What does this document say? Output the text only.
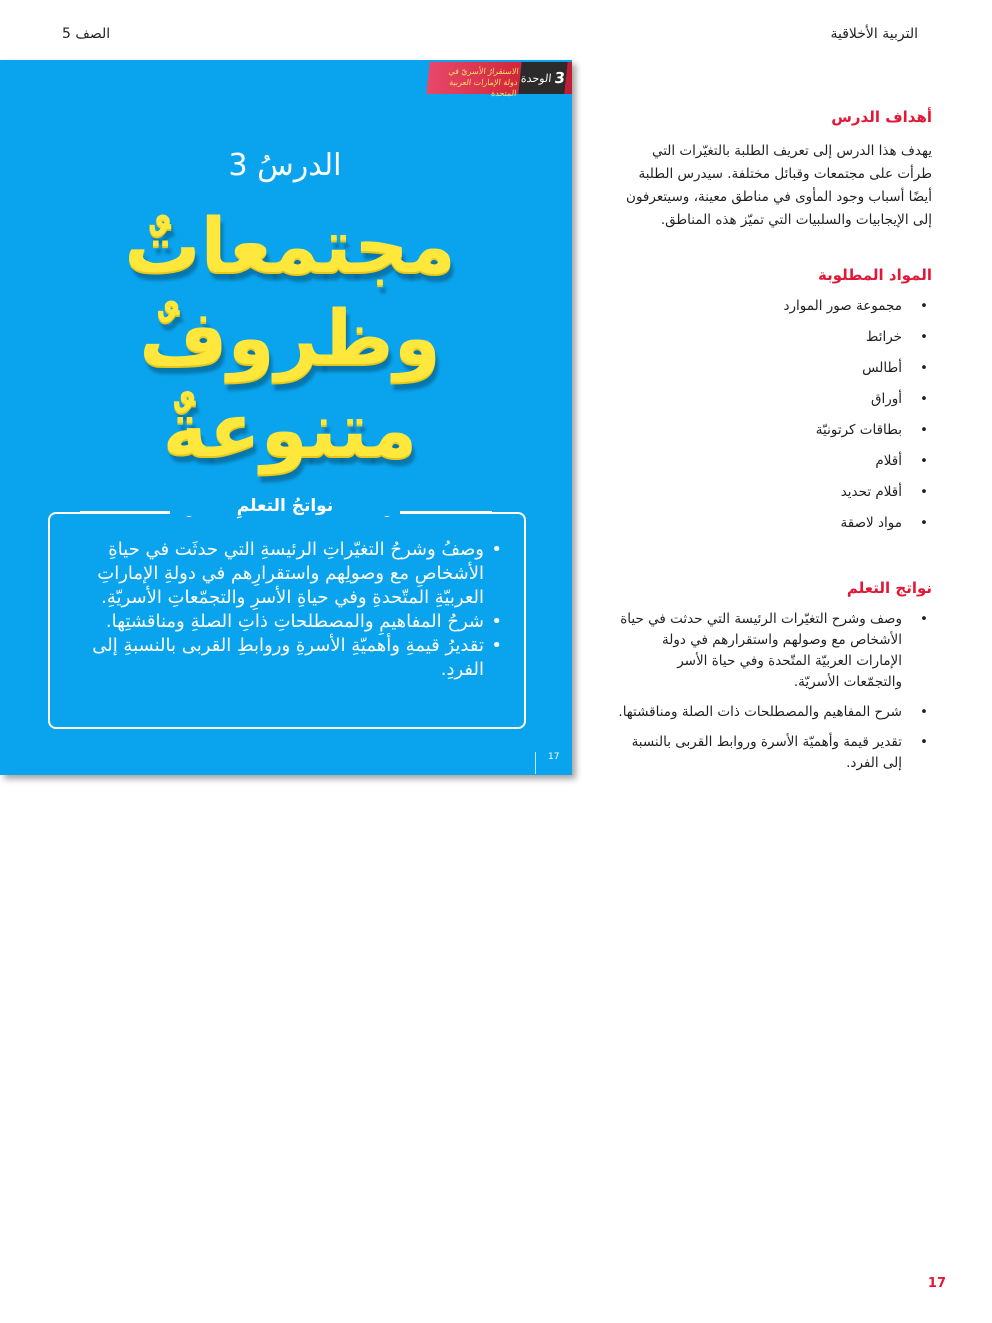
الصف 5	التربية الأخلاقية
الاستقرارُ الأسريّ في دولة الإمارات العربية المتحدة
الوحدة 3
الدرسُ 3
مجتمعاتٌ
وظروفٌ
متنوعةٌ
• وصفُ وشرحُ التغيّراتِ الرئيسةِ التي حدثَت في حياةِ الأشخاصِ مع وصولِهم واستقرارِهم في دولةِ الإماراتِ العربيّةِ المتّحدةِ وفي حياةِ الأسرِ والتجمّعاتِ الأسريّةِ.
• شرحُ المفاهيمِ والمصطلحاتِ ذاتِ الصلةِ ومناقشتِها.
• تقديرُ قيمةِ وأهميّةِ الأسرةِ وروابطِ القربى بالنسبةِ إلى الفردِ.
نواتجُ التعلمِ
17
أهداف الدرس

يهدف هذا الدرس إلى تعريف الطلبة بالتغيّرات التي طرأت على مجتمعات وقبائل مختلفة. سيدرس الطلبة أيضًا أسباب وجود المأوى في مناطق معينة، وسيتعرفون إلى الإيجابيات والسلبيات التي تميّز هذه المناطق.

المواد المطلوبة
• مجموعة صور الموارد
• خرائط
• أطالس
• أوراق
• بطاقات كرتونيّة
• أقلام
• أقلام تحديد
• مواد لاصقة
نواتج التعلم
• وصف وشرح التغيّرات الرئيسة التي حدثت في حياة الأشخاص مع وصولهم واستقرارهم في دولة الإمارات العربيّة المتّحدة وفي حياة الأسر والتجمّعات الأسريّة.
• شرح المفاهيم والمصطلحات ذات الصلة ومناقشتها.
• تقدير قيمة وأهميّة الأسرة وروابط القربى بالنسبة إلى الفرد.
17
